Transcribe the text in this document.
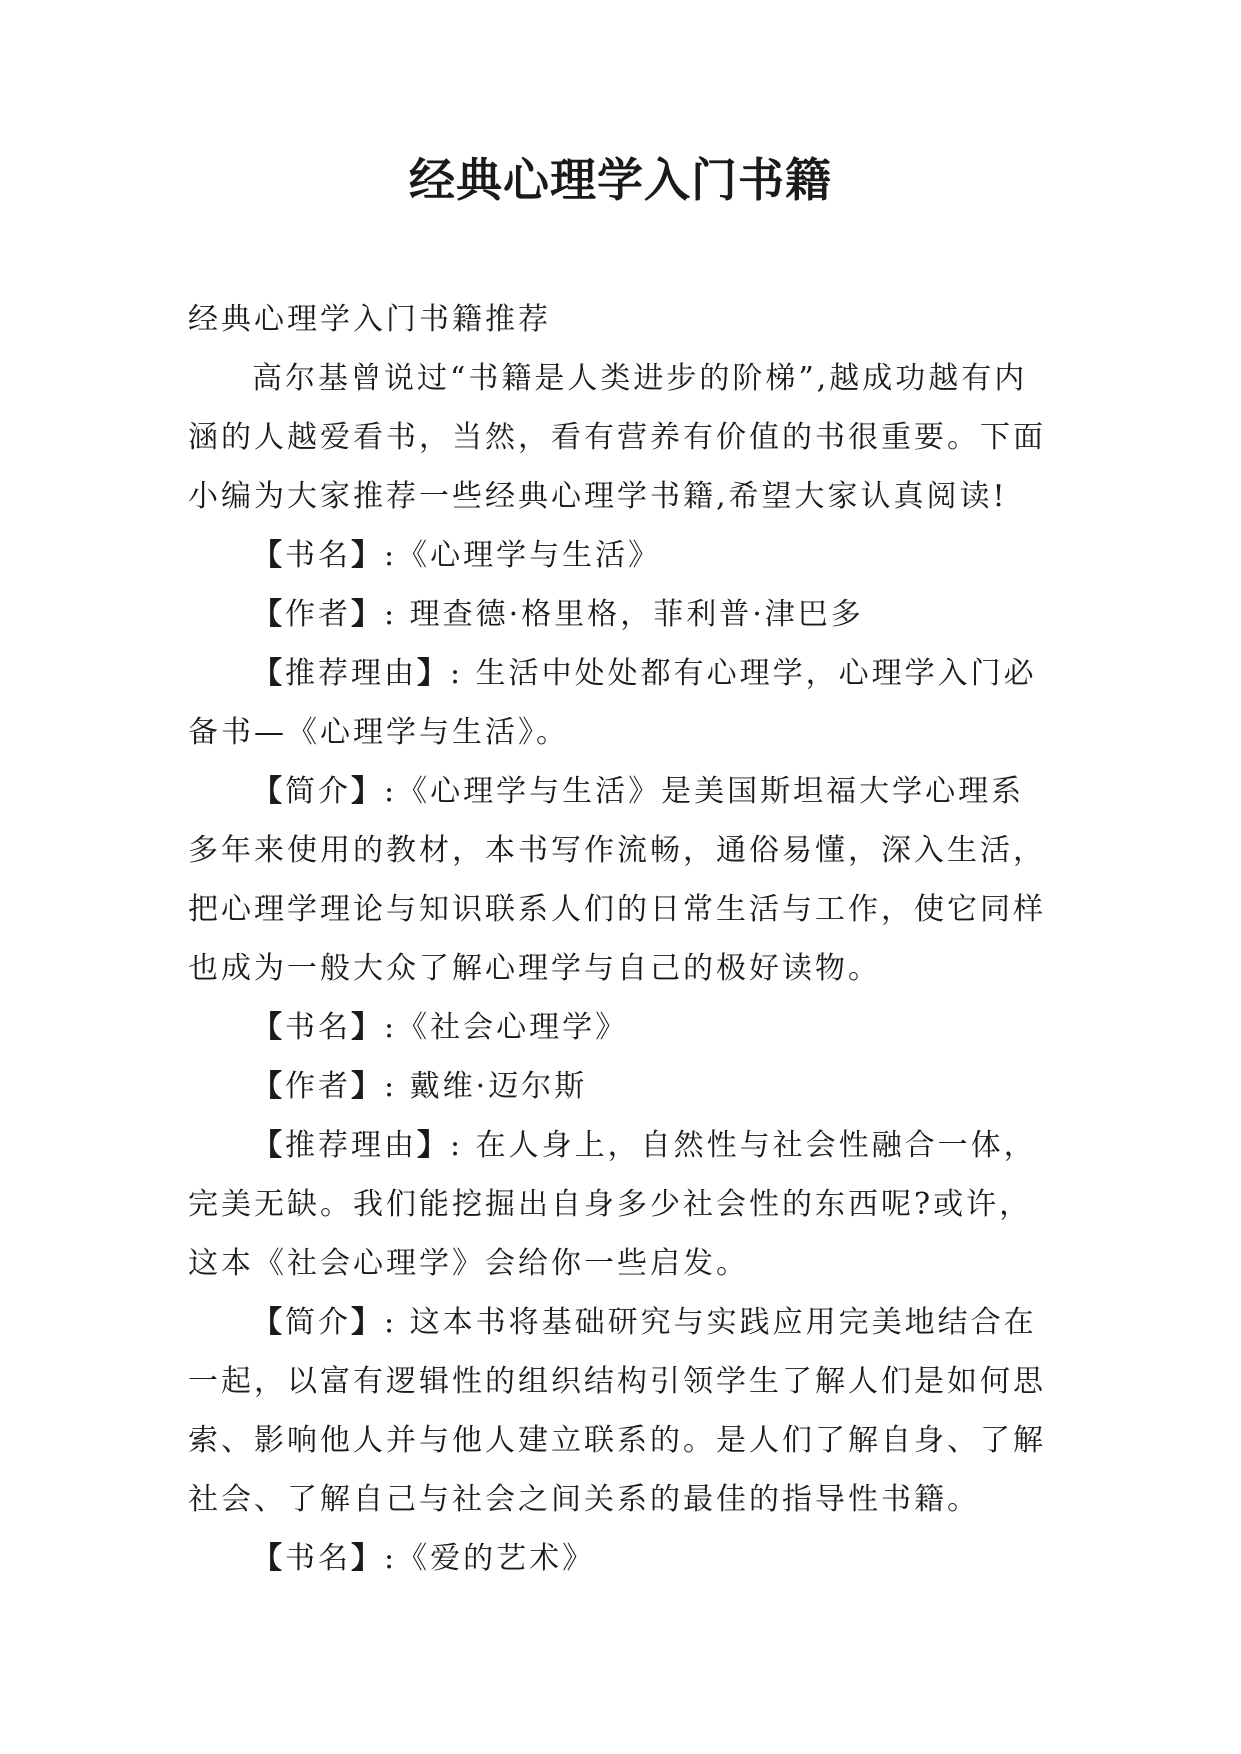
经典心理学入门书籍

经典心理学入门书籍推荐

高尔基曾说过“书籍是人类进步的阶梯”,越成功越有内涵的人越爱看书，当然，看有营养有价值的书很重要。下面小编为大家推荐一些经典心理学书籍,希望大家认真阅读!

【书名】:《心理学与生活》

【作者】: 理查德·格里格，菲利普·津巴多

【推荐理由】: 生活中处处都有心理学，心理学入门必备书—《心理学与生活》。

【简介】:《心理学与生活》是美国斯坦福大学心理系多年来使用的教材，本书写作流畅，通俗易懂，深入生活，把心理学理论与知识联系人们的日常生活与工作，使它同样也成为一般大众了解心理学与自己的极好读物。

【书名】:《社会心理学》

【作者】: 戴维·迈尔斯

【推荐理由】: 在人身上，自然性与社会性融合一体，完美无缺。我们能挖掘出自身多少社会性的东西呢?或许，这本《社会心理学》会给你一些启发。

【简介】: 这本书将基础研究与实践应用完美地结合在一起，以富有逻辑性的组织结构引领学生了解人们是如何思索、影响他人并与他人建立联系的。是人们了解自身、了解社会、了解自己与社会之间关系的最佳的指导性书籍。

【书名】:《爱的艺术》
